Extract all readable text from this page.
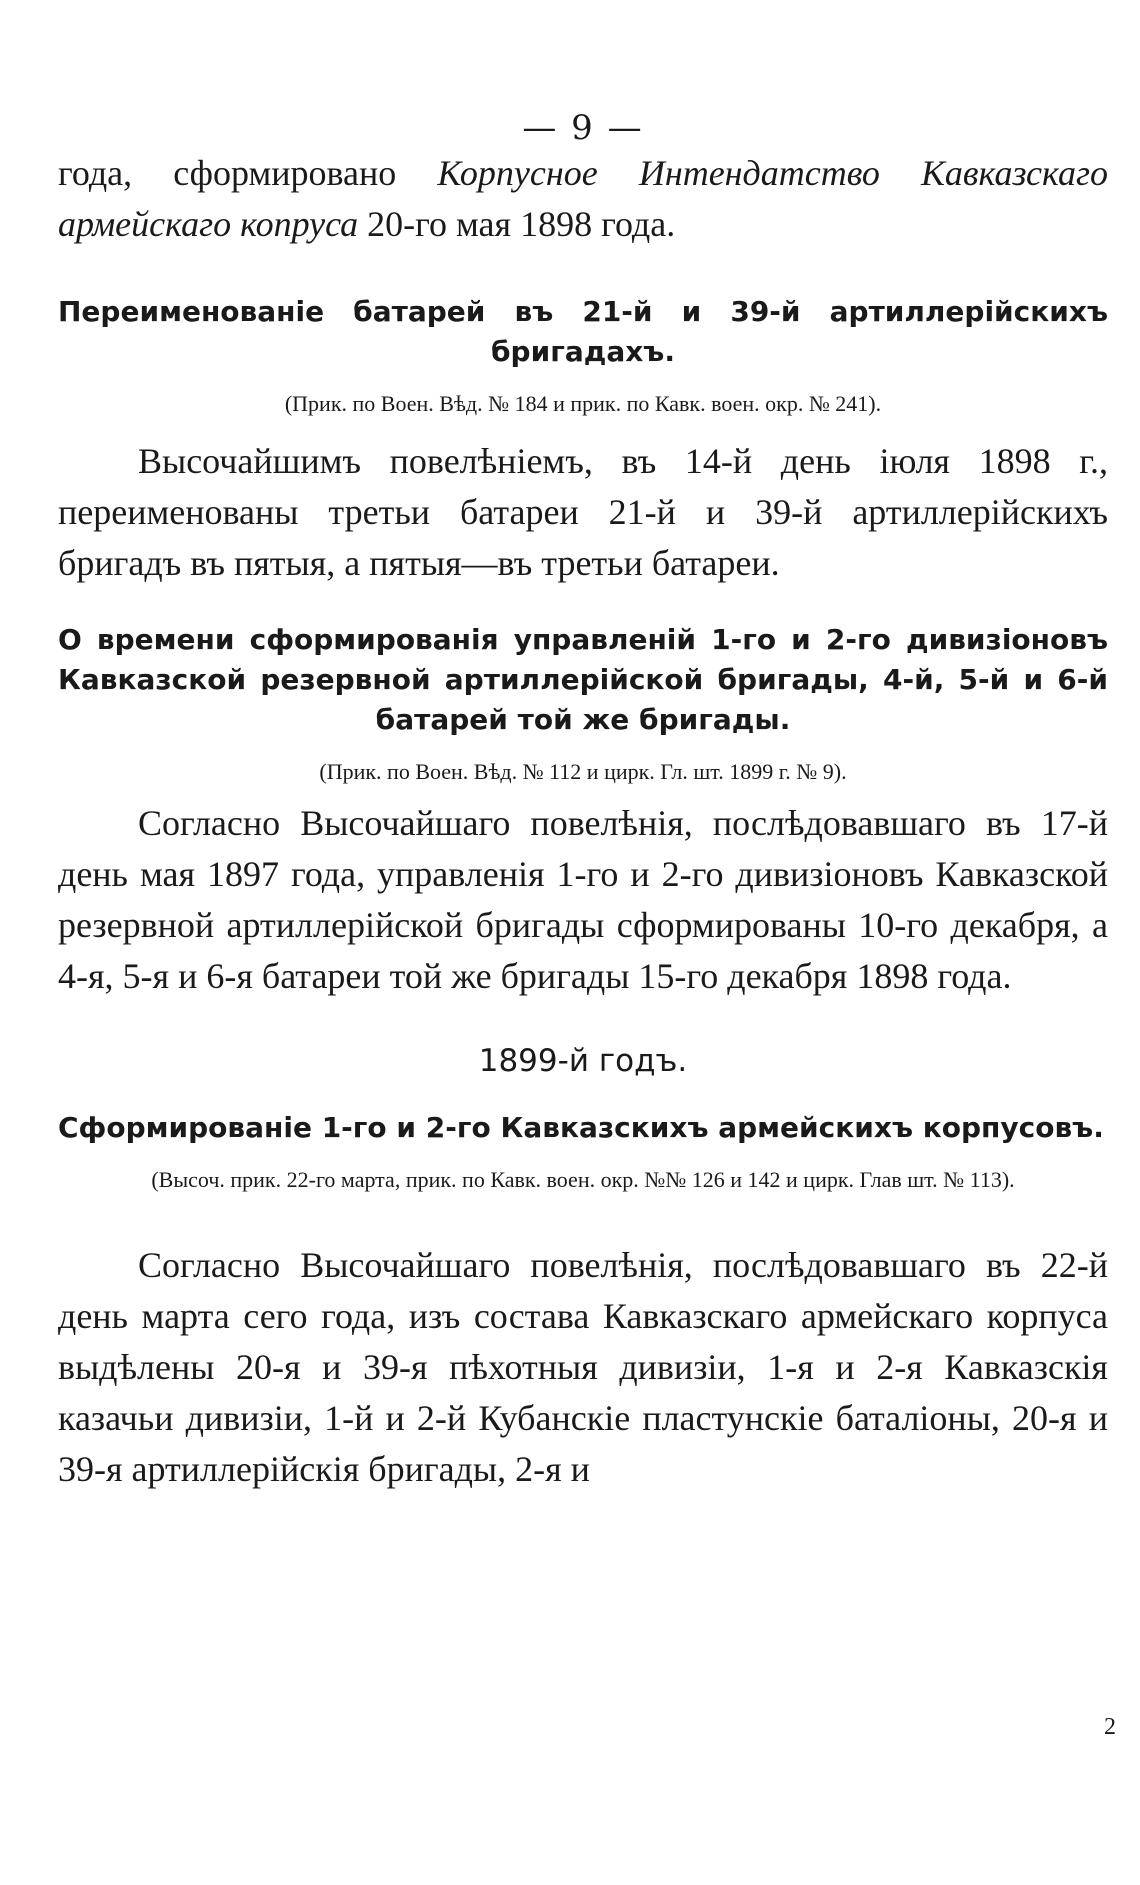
— 9 —

года, сформировано Корпусное Интендатство Кавказскаго армейскаго копруса 20-го мая 1898 года.

Переименованіе батарей въ 21-й и 39-й артиллерійскихъ бригадахъ.
(Прик. по Воен. Вѣд. № 184 и прик. по Кавк. воен. окр. № 241).

Высочайшимъ повелѣніемъ, въ 14-й день іюля 1898 г., переименованы третьи батареи 21-й и 39-й артиллерійскихъ бригадъ въ пятыя, а пятыя—въ третьи батареи.

О времени сформированія управленій 1-го и 2-го дивизіоновъ Кавказской резервной артиллерійской бригады, 4-й, 5-й и 6-й батарей той же бригады.
(Прик. по Воен. Вѣд. № 112 и цирк. Гл. шт. 1899 г. № 9).

Согласно Высочайшаго повелѣнія, послѣдовавшаго въ 17-й день мая 1897 года, управленія 1-го и 2-го дивизіоновъ Кавказской резервной артиллерійской бригады сформированы 10-го декабря, а 4-я, 5-я и 6-я батареи той же бригады 15-го декабря 1898 года.

1899-й годъ.
Сформированіе 1-го и 2-го Кавказскихъ армейскихъ корпусовъ.
(Высоч. прик. 22-го марта, прик. по Кавк. воен. окр. №№ 126 и 142 и цирк. Глав шт. № 113).

Согласно Высочайшаго повелѣнія, послѣдовавшаго въ 22-й день марта сего года, изъ состава Кавказскаго армейскаго корпуса выдѣлены 20-я и 39-я пѣхотныя дивизіи, 1-я и 2-я Кавказскія казачьи дивизіи, 1-й и 2-й Кубанскіе пластунскіе баталіоны, 20-я и 39-я артиллерійскія бригады, 2-я и

2
